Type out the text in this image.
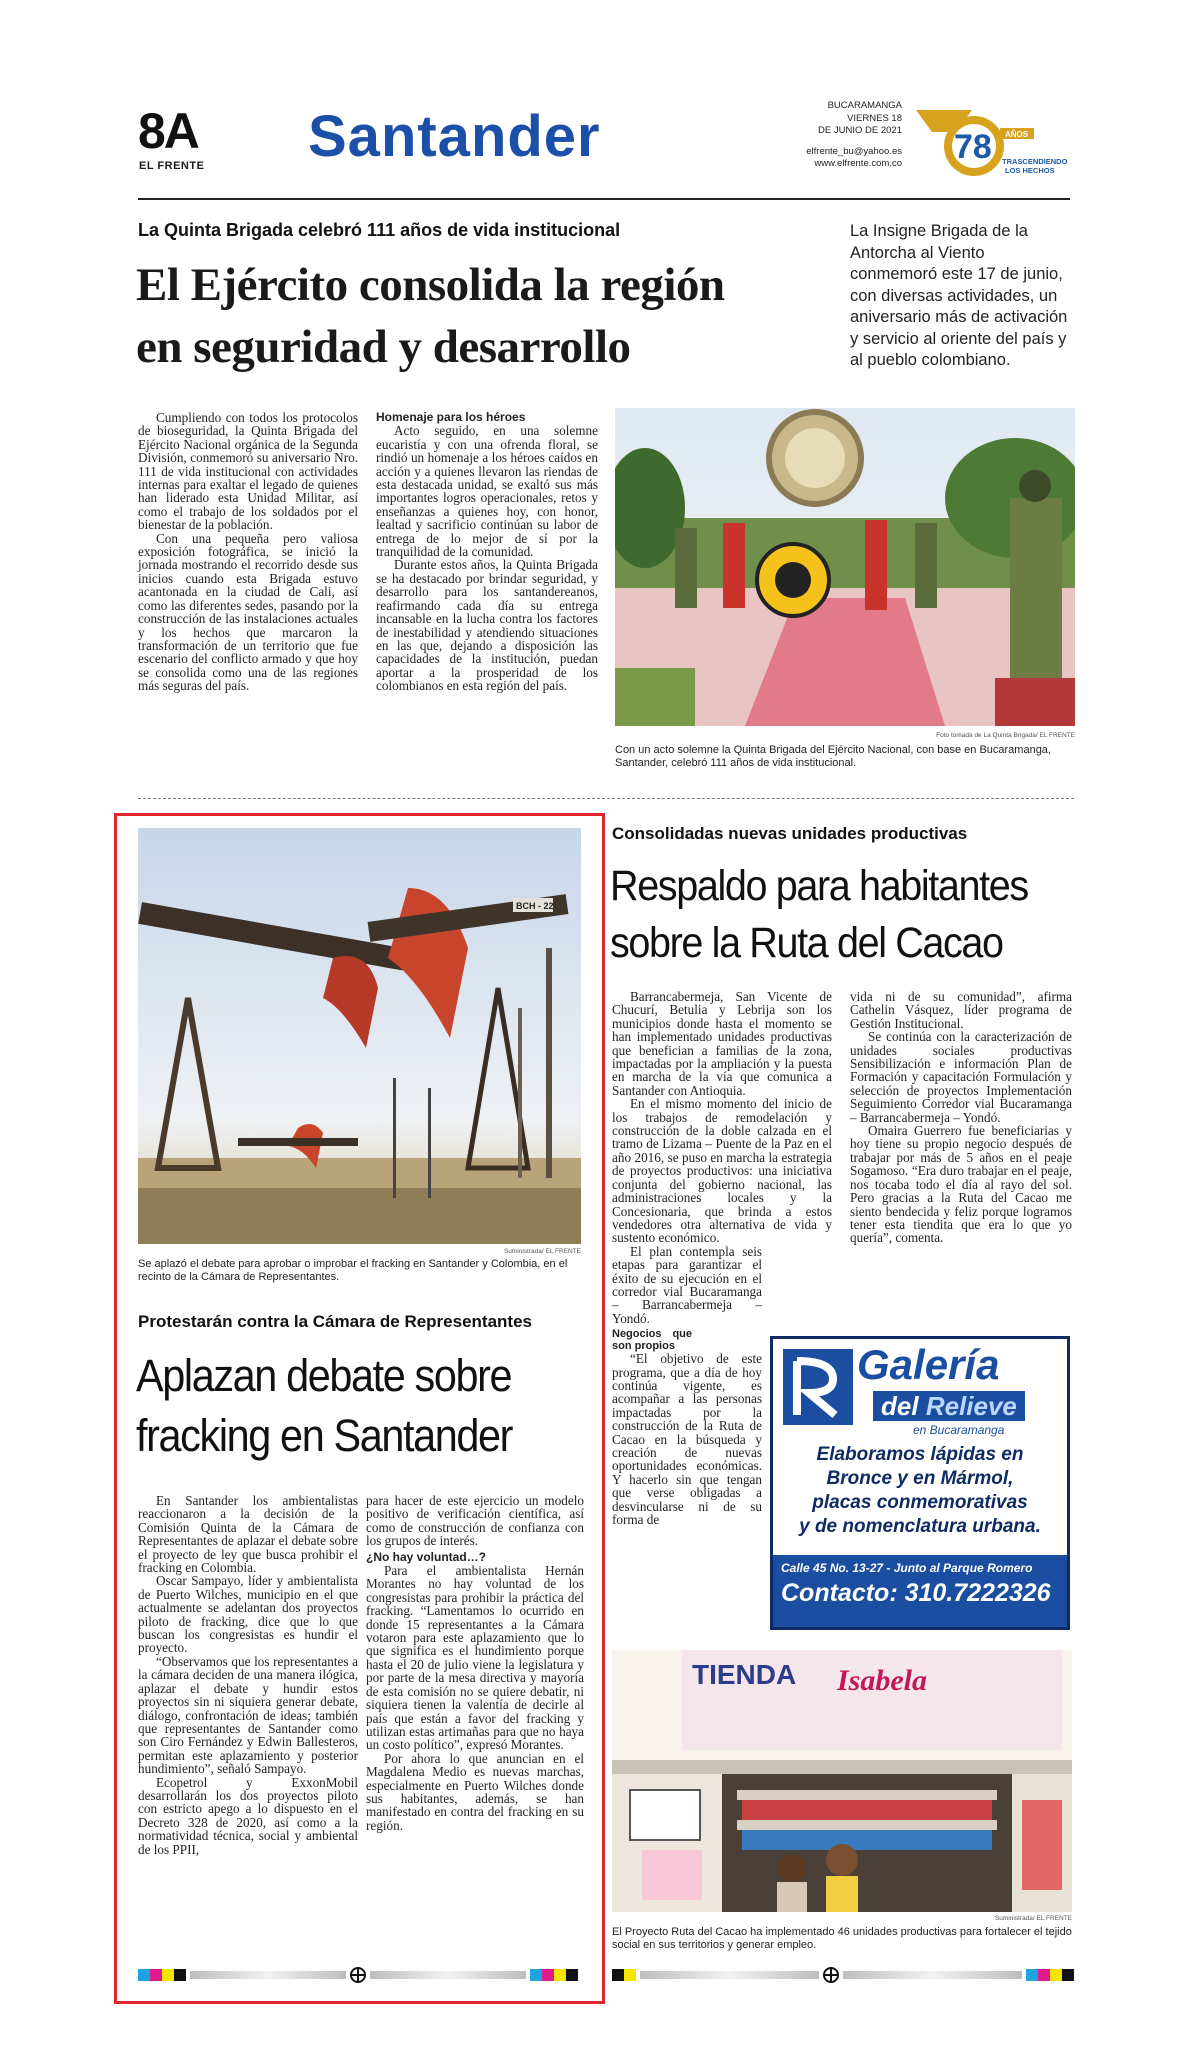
8A
EL FRENTE Santander	BUCARAMANGA
VIERNES 18
DE JUNIO DE 2021
elfrente_bu@yahoo.es
www.elfrente.com.co 78 AÑOS
TRASCENDIENDO
LOS HECHOS
La Quinta Brigada celebró 111 años de vida institucional
El Ejército consolida la región
en seguridad y desarrollo
La Insigne Brigada de la Antorcha al Viento conmemoró este 17 de junio, con diversas actividades, un aniversario más de activación y servicio al oriente del país y al pueblo colombiano.

Cumpliendo con todos los protocolos de bioseguridad, la Quinta Brigada del Ejército Nacional orgánica de la Segunda División, conmemoró su aniversario Nro. 111 de vida institucional con actividades internas para exaltar el legado de quienes han liderado esta Unidad Militar, así como el trabajo de los soldados por el bienestar de la población.

Con una pequeña pero valiosa exposición fotográfica, se inició la jornada mostrando el recorrido desde sus inicios cuando esta Brigada estuvo acantonada en la ciudad de Cali, así como las diferentes sedes, pasando por la construcción de las instalaciones actuales y los hechos que marcaron la transformación de un territorio que fue escenario del conflicto armado y que hoy se consolida como una de las regiones más seguras del país.

Homenaje para los héroes

Acto seguido, en una solemne eucaristía y con una ofrenda floral, se rindió un homenaje a los héroes caídos en acción y a quienes llevaron las riendas de esta destacada unidad, se exaltó sus más importantes logros operacionales, retos y enseñanzas a quienes hoy, con honor, lealtad y sacrificio continúan su labor de entrega de lo mejor de sí por la tranquilidad de la comunidad.

Durante estos años, la Quinta Brigada se ha destacado por brindar seguridad, y desarrollo para los santandereanos, reafirmando cada día su entrega incansable en la lucha contra los factores de inestabilidad y atendiendo situaciones en las que, dejando a disposición las capacidades de la institución, puedan aportar a la prosperidad de los colombianos en esta región del país.

Foto tomada de La Quinta Brigada/ EL FRENTE
Con un acto solemne la Quinta Brigada del Ejército Nacional, con base en Bucaramanga, Santander, celebró 111 años de vida institucional.
BCH - 22
Suministrada/ EL FRENTE
Se aplazó el debate para aprobar o improbar el fracking en Santander y Colombia, en el recinto de la Cámara de Representantes.
Protestarán contra la Cámara de Representantes
Aplazan debate sobre
fracking en Santander

En Santander los ambientalistas reaccionaron a la decisión de la Comisión Quinta de la Cámara de Representantes de aplazar el debate sobre el proyecto de ley que busca prohibir el fracking en Colombia.

Oscar Sampayo, líder y ambientalista de Puerto Wilches, municipio en el que actualmente se adelantan dos proyectos piloto de fracking, dice que lo que buscan los congresistas es hundir el proyecto.

“Observamos que los representantes a la cámara deciden de una manera ilógica, aplazar el debate y hundir estos proyectos sin ni siquiera generar debate, diálogo, confrontación de ideas; también que representantes de Santander como son Ciro Fernández y Edwin Ballesteros, permitan este aplazamiento y posterior hundimiento”, señaló Sampayo.

Ecopetrol y ExxonMobil desarrollarán los dos proyectos piloto con estricto apego a lo dispuesto en el Decreto 328 de 2020, así como a la normatividad técnica, social y ambiental de los PPII,

para hacer de este ejercicio un modelo positivo de verificación científica, así como de construcción de confianza con los grupos de interés.

¿No hay voluntad…?

Para el ambientalista Hernán Morantes no hay voluntad de los congresistas para prohibir la práctica del fracking. “Lamentamos lo ocurrido en donde 15 representantes a la Cámara votaron para este aplazamiento que lo que significa es el hundimiento porque hasta el 20 de julio viene la legislatura y por parte de la mesa directiva y mayoría de esta comisión no se quiere debatir, ni siquiera tienen la valentía de decirle al país que están a favor del fracking y utilizan estas artimañas para que no haya un costo político”, expresó Morantes.

Por ahora lo que anuncian en el Magdalena Medio es nuevas marchas, especialmente en Puerto Wilches donde sus habitantes, además, se han manifestado en contra del fracking en su región.

Consolidadas nuevas unidades productivas
Respaldo para habitantes
sobre la Ruta del Cacao

Barrancabermeja, San Vicente de Chucurí, Betulia y Lebrija son los municipios donde hasta el momento se han implementado unidades productivas que benefician a familias de la zona, impactadas por la ampliación y la puesta en marcha de la vía que comunica a Santander con Antioquia.

En el mismo momento del inicio de los trabajos de remodelación y construcción de la doble calzada en el tramo de Lizama – Puente de la Paz en el año 2016, se puso en marcha la estrategia de proyectos productivos: una iniciativa conjunta del gobierno nacional, las administraciones locales y la Concesionaria, que brinda a estos vendedores otra alternativa de vida y sustento económico.

El plan contempla seis etapas para garantizar el éxito de su ejecución en el corredor vial Bucaramanga – Barrancabermeja – Yondó.

Negocios que son propios

“El objetivo de este programa, que a día de hoy continúa vigente, es acompañar a las personas impactadas por la construcción de la Ruta de Cacao en la búsqueda y creación de nuevas oportunidades económicas. Y hacerlo sin que tengan que verse obligadas a desvincularse ni de su forma de

vida ni de su comunidad”, afirma Cathelin Vásquez, líder programa de Gestión Institucional.

Se continúa con la caracterización de unidades sociales productivas Sensibilización e información Plan de Formación y capacitación Formulación y selección de proyectos Implementación Seguimiento Corredor vial Bucaramanga – Barrancabermeja – Yondó.

Omaira Guerrero fue beneficiarias y hoy tiene su propio negocio después de trabajar por más de 5 años en el peaje Sogamoso. “Era duro trabajar en el peaje, nos tocaba todo el día al rayo del sol. Pero gracias a la Ruta del Cacao me siento bendecida y feliz porque logramos tener esta tiendita que era lo que yo quería”, comenta.

Galería
del Relieve
en Bucaramanga
Elaboramos lápidas en
Bronce y en Mármol,
placas conmemorativas
y de nomenclatura urbana.
Calle 45 No. 13-27 - Junto al Parque Romero
Contacto: 310.7222326
TIENDA Isabela
Suministrada/ EL FRENTE
El Proyecto Ruta del Cacao ha implementado 46 unidades productivas para fortalecer el tejido social en sus territorios y generar empleo.
